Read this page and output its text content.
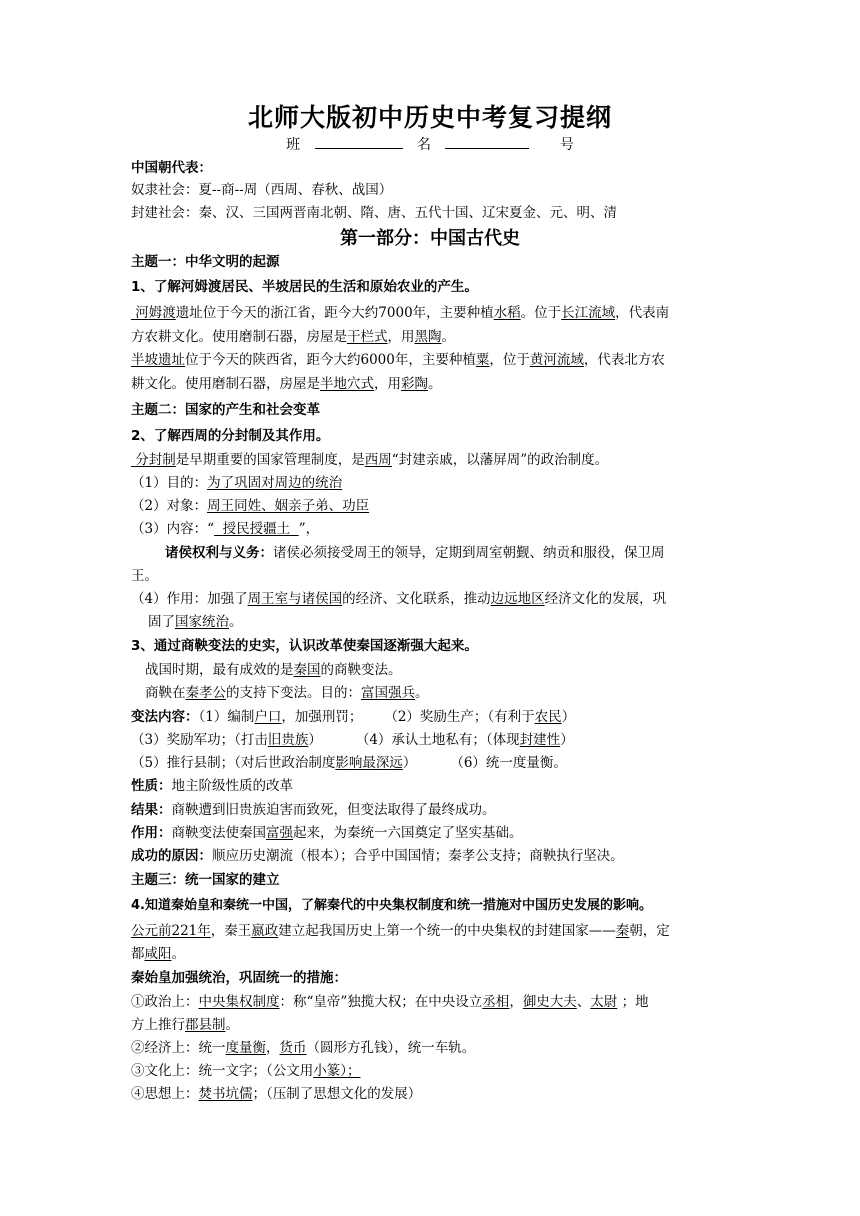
北师大版初中历史中考复习提纲
班	名	号
中国朝代表：
奴隶社会：夏--商--周（西周、春秋、战国）
封建社会：秦、汉、三国两晋南北朝、隋、唐、五代十国、辽宋夏金、元、明、清
第一部分：中国古代史
主题一：中华文明的起源
1、了解河姆渡居民、半坡居民的生活和原始农业的产生。
河姆渡遗址位于今天的浙江省，距今大约7000年，主要种植水稻。位于长江流域，代表南
方农耕文化。使用磨制石器，房屋是干栏式，用黑陶。
半坡遗址位于今天的陕西省，距今大约6000年，主要种植粟，位于黄河流域，代表北方农
耕文化。使用磨制石器，房屋是半地穴式，用彩陶。
主题二：国家的产生和社会变革
2、了解西周的分封制及其作用。
分封制是早期重要的国家管理制度，是西周“封建亲戚，以藩屏周”的政治制度。
（1）目的：为了巩固对周边的统治
（2）对象：周王同姓、姻亲子弟、功臣
（3）内容：“ 授民授疆土 ”，
诸侯权利与义务：诸侯必须接受周王的领导，定期到周室朝觐、纳贡和服役，保卫周
王。
（4）作用：加强了周王室与诸侯国的经济、文化联系，推动边远地区经济文化的发展，巩
固了国家统治。
3、通过商鞅变法的史实，认识改革使秦国逐渐强大起来。
战国时期，最有成效的是秦国的商鞅变法。
商鞅在秦孝公的支持下变法。目的：富国强兵。
变法内容：（1）编制户口，加强刑罚； （2）奖励生产；（有利于农民）
（3）奖励军功；（打击旧贵族）	（4）承认土地私有；（体现封建性）
（5）推行县制；（对后世政治制度影响最深远）	（6）统一度量衡。
性质：地主阶级性质的改革
结果：商鞅遭到旧贵族迫害而致死，但变法取得了最终成功。
作用：商鞅变法使秦国富强起来，为秦统一六国奠定了坚实基础。
成功的原因：顺应历史潮流（根本）；合乎中国国情；秦孝公支持；商鞅执行坚决。
主题三：统一国家的建立
4.知道秦始皇和秦统一中国，了解秦代的中央集权制度和统一措施对中国历史发展的影响。
公元前221年，秦王嬴政建立起我国历史上第一个统一的中央集权的封建国家——秦朝，定
都咸阳。
秦始皇加强统治，巩固统一的措施：
①政治上：中央集权制度：称“皇帝”独揽大权；在中央设立丞相，御史大夫、太尉 ；地
方上推行郡县制。
②经济上：统一度量衡，货币（圆形方孔钱），统一车轨。
③文化上：统一文字；（公文用小篆）；
④思想上：焚书坑儒；（压制了思想文化的发展）
